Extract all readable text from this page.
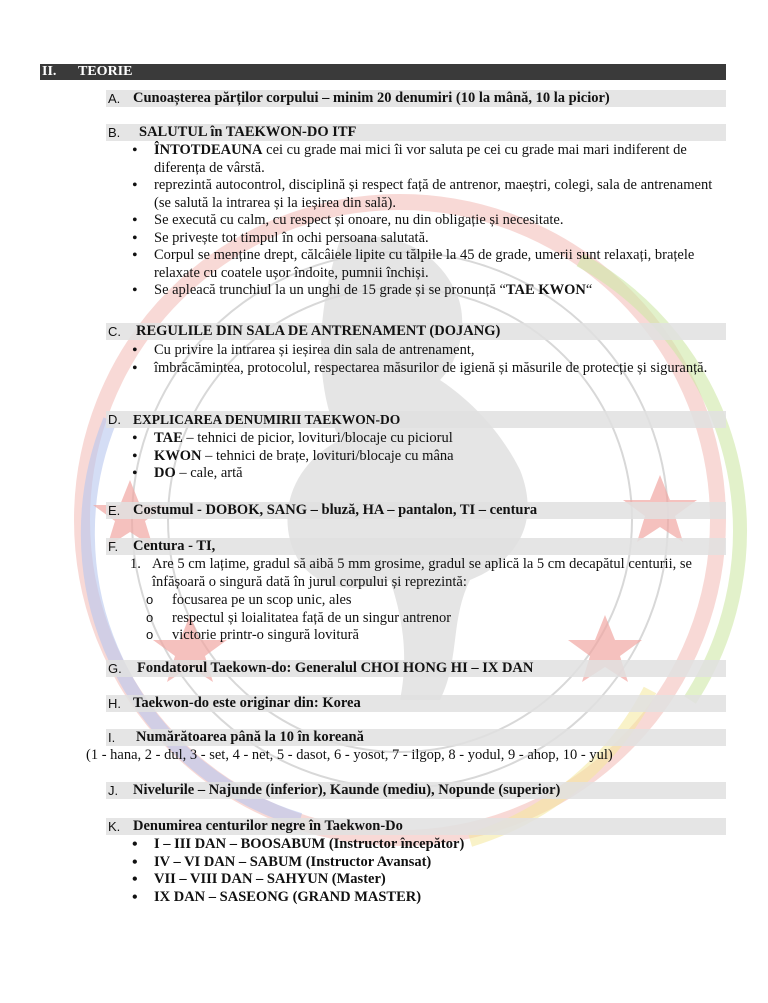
II. TEORIE
A. Cunoașterea părților corpului – minim 20 denumiri (10 la mână, 10 la picior)
B. SALUTUL în TAEKWON-DO ITF
• ÎNTOTDEAUNA cei cu grade mai mici îi vor saluta pe cei cu grade mai mari indiferent de diferența de vârstă.
• reprezintă autocontrol, disciplină și respect față de antrenor, maeștri, colegi, sala de antrenament (se salută la intrarea și la ieșirea din sală).
• Se execută cu calm, cu respect și onoare, nu din obligație și necesitate.
• Se privește tot timpul în ochi persoana salutată.
• Corpul se menține drept, călcâiele lipite cu tălpile la 45 de grade, umerii sunt relaxați, brațele relaxate cu coatele ușor îndoite, pumnii închiși.
• Se apleacă trunchiul la un unghi de 15 grade și se pronunță “TAE KWON“
C. REGULILE DIN SALA DE ANTRENAMENT (DOJANG)
• Cu privire la intrarea și ieșirea din sala de antrenament,
• îmbrăcămintea, protocolul, respectarea măsurilor de igienă și măsurile de protecție și siguranță.
D. EXPLICAREA DENUMIRII TAEKWON-DO
• TAE – tehnici de picior, lovituri/blocaje cu piciorul
• KWON – tehnici de brațe, lovituri/blocaje cu mâna
• DO – cale, artă
E. Costumul - DOBOK, SANG – bluză, HA – pantalon, TI – centura
F. Centura - TI,
1. Are 5 cm lațime, gradul să aibă 5 mm grosime, gradul se aplică la 5 cm decapătul centurii, se înfășoară o singură dată în jurul corpului și reprezintă:
o focusarea pe un scop unic, ales
o respectul și loialitatea față de un singur antrenor
o victorie printr-o singură lovitură
G. Fondatorul Taekown-do: Generalul CHOI HONG HI – IX DAN
H. Taekwon-do este originar din: Korea
I. Numărătoarea până la 10 în koreană
(1 - hana, 2 - dul, 3 - set, 4 - net, 5 - dasot, 6 - yosot, 7 - ilgop, 8 - yodul, 9 - ahop, 10 - yul)
J. Nivelurile – Najunde (inferior), Kaunde (mediu), Nopunde (superior)
K. Denumirea centurilor negre în Taekwon-Do
• I – III DAN – BOOSABUM (Instructor începător)
• IV – VI DAN – SABUM (Instructor Avansat)
• VII – VIII DAN – SAHYUN (Master)
• IX DAN – SASEONG (GRAND MASTER)
